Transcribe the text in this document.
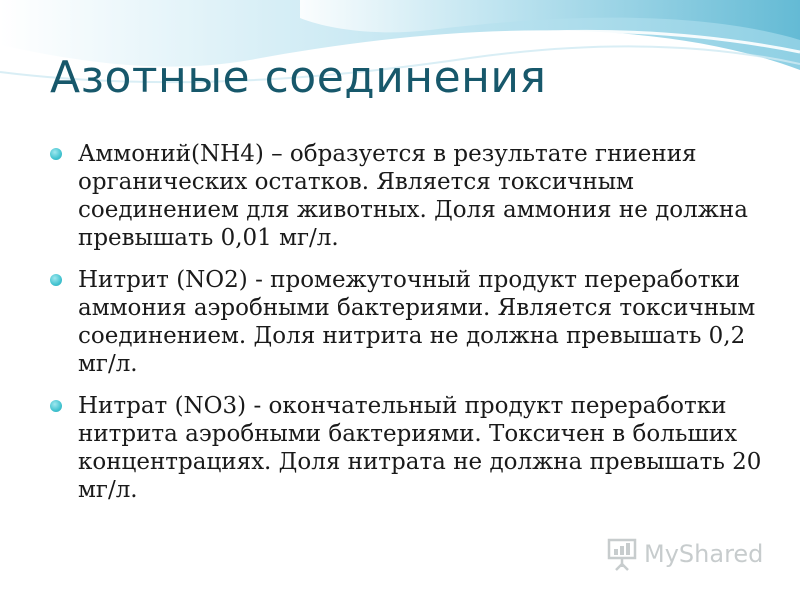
Азотные соединения
Аммоний(NH4) – образуется в результате гниения органических остатков. Является токсичным соединением для животных. Доля аммония не должна превышать 0,01 мг/л.
Нитрит (NO2) - промежуточный продукт переработки аммония аэробными бактериями. Является токсичным соединением. Доля нитрита не должна превышать 0,2 мг/л.
Нитрат (NO3) - окончательный продукт переработки нитрита аэробными бактериями. Токсичен в больших концентрациях. Доля нитрата не должна превышать 20 мг/л.
MyShared
